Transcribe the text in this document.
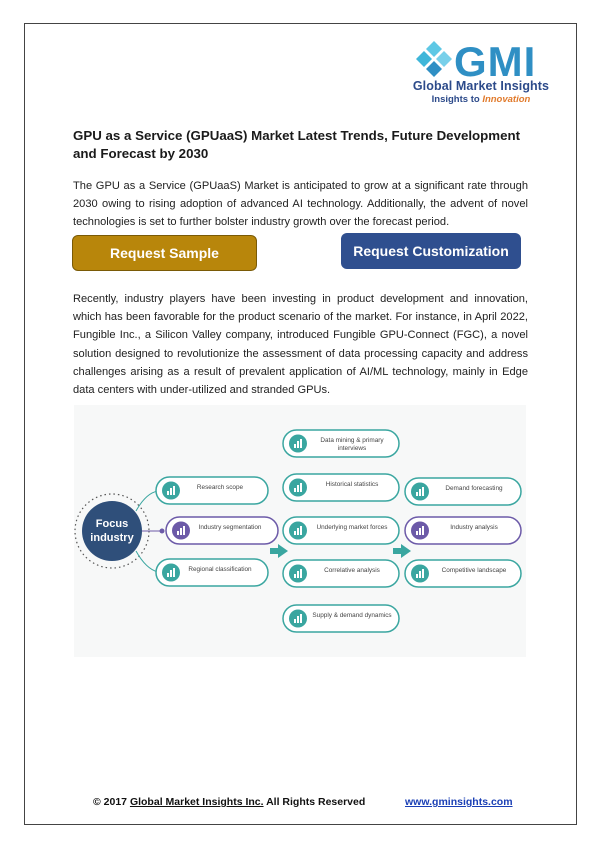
GMI
Global Market Insights
Insights to Innovation
GPU as a Service (GPUaaS) Market Latest Trends, Future Development and Forecast by 2030
The GPU as a Service (GPUaaS) Market is anticipated to grow at a significant rate through 2030 owing to rising adoption of advanced AI technology. Additionally, the advent of novel technologies is set to further bolster industry growth over the forecast period.
Request Sample	Request Customization
Recently, industry players have been investing in product development and innovation, which has been favorable for the product scenario of the market. For instance, in April 2022, Fungible Inc., a Silicon Valley company, introduced Fungible GPU-Connect (FGC), a novel solution designed to revolutionize the assessment of data processing capacity and address challenges arising as a result of prevalent application of AI/ML technology, mainly in Edge data centers with under-utilized and stranded GPUs.
Focus industry
Research scope
Industry segmentation
Regional classification
Data mining & primary interviews
Historical statistics
Underlying market forces
Correlative analysis
Supply & demand dynamics
Demand forecasting
Industry analysis
Competitive landscape
© 2017 Global Market Insights Inc. All Rights Reserved	www.gminsights.com
